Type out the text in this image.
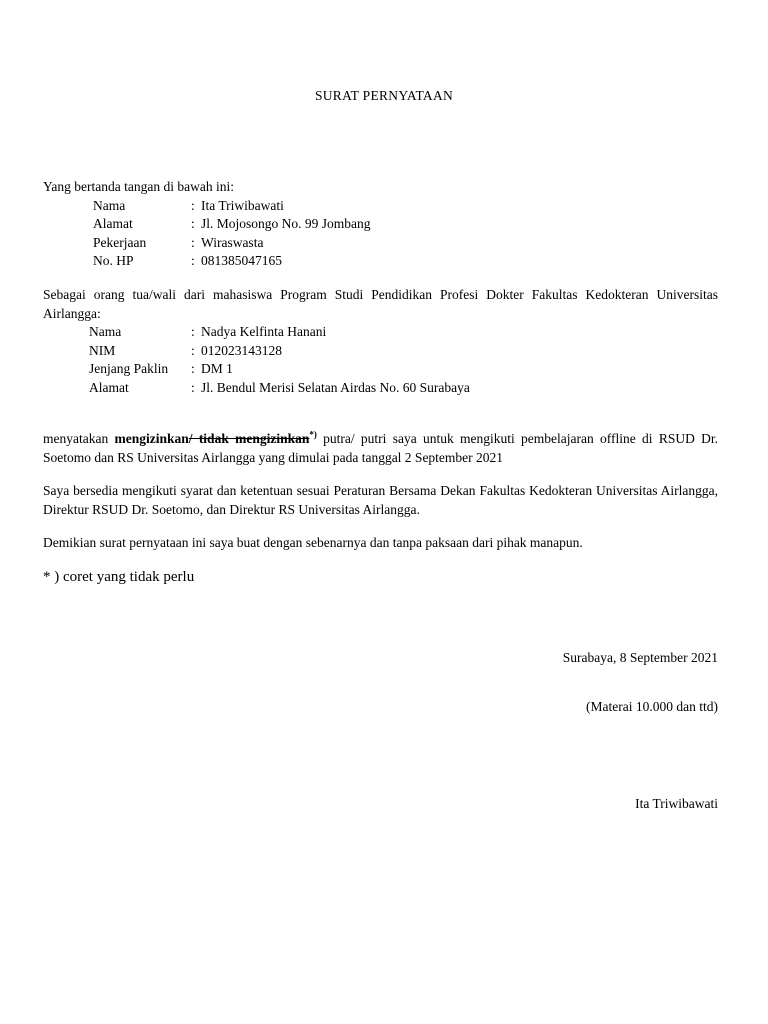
SURAT PERNYATAAN
Yang bertanda tangan di bawah ini:
Nama	: Ita Triwibawati
Alamat	: Jl. Mojosongo No. 99 Jombang
Pekerjaan	: Wiraswasta
No. HP	: 081385047165
Sebagai orang tua/wali dari mahasiswa Program Studi Pendidikan Profesi Dokter Fakultas Kedokteran Universitas Airlangga:
Nama	: Nadya Kelfinta Hanani
NIM	: 012023143128
Jenjang Paklin	: DM 1
Alamat	: Jl. Bendul Merisi Selatan Airdas No. 60 Surabaya
menyatakan mengizinkan/ tidak mengizinkan*) putra/ putri saya untuk mengikuti pembelajaran offline di RSUD Dr. Soetomo dan RS Universitas Airlangga yang dimulai pada tanggal 2 September 2021
Saya bersedia mengikuti syarat dan ketentuan sesuai Peraturan Bersama Dekan Fakultas Kedokteran Universitas Airlangga, Direktur RSUD Dr. Soetomo, dan Direktur RS Universitas Airlangga.
Demikian surat pernyataan ini saya buat dengan sebenarnya dan tanpa paksaan dari pihak manapun.
* ) coret yang tidak perlu
Surabaya, 8 September 2021
(Materai 10.000 dan ttd)
Ita Triwibawati
